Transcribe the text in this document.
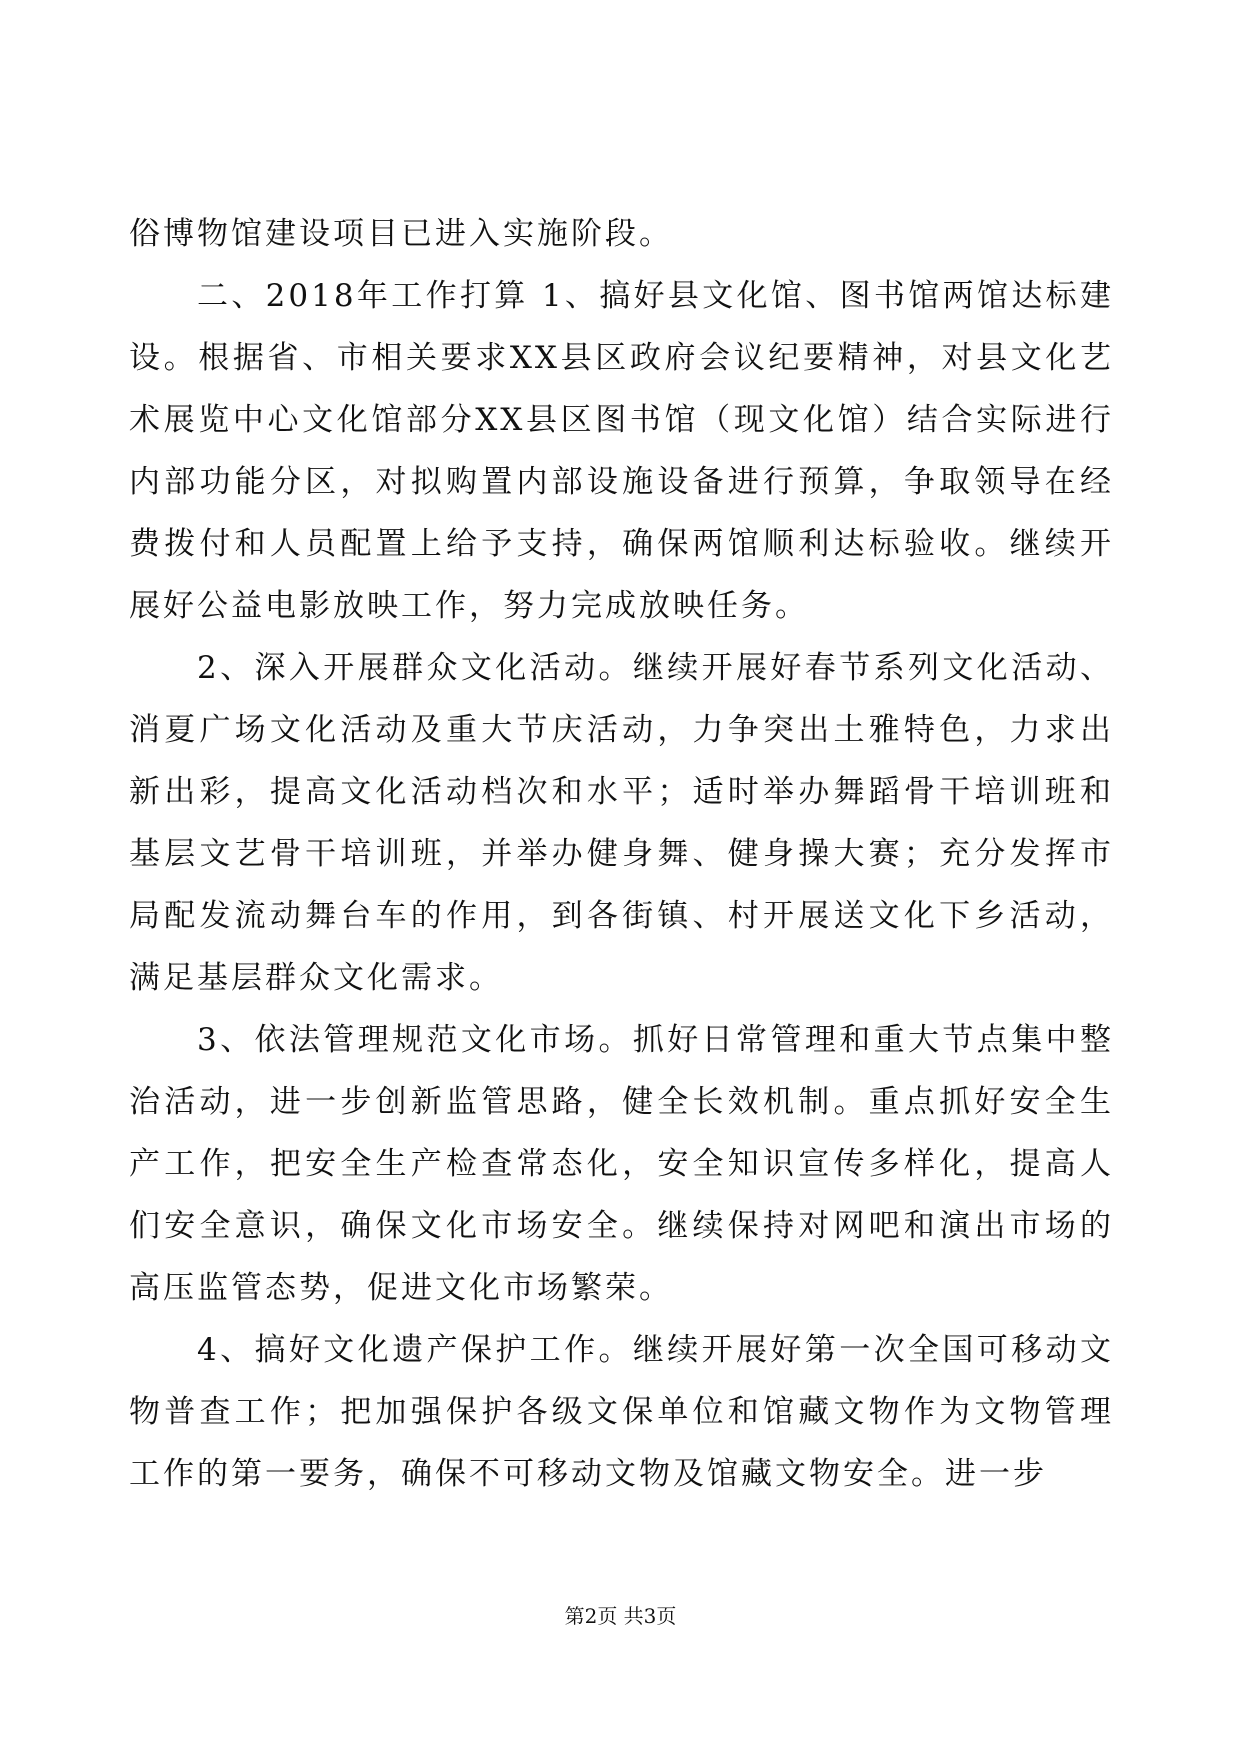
俗博物馆建设项目已进入实施阶段。

二、2018年工作打算 1、搞好县文化馆、图书馆两馆达标建设。根据省、市相关要求XX县区政府会议纪要精神，对县文化艺术展览中心文化馆部分XX县区图书馆（现文化馆）结合实际进行内部功能分区，对拟购置内部设施设备进行预算，争取领导在经费拨付和人员配置上给予支持，确保两馆顺利达标验收。继续开展好公益电影放映工作，努力完成放映任务。

2、深入开展群众文化活动。继续开展好春节系列文化活动、消夏广场文化活动及重大节庆活动，力争突出土雅特色，力求出新出彩，提高文化活动档次和水平；适时举办舞蹈骨干培训班和基层文艺骨干培训班，并举办健身舞、健身操大赛；充分发挥市局配发流动舞台车的作用，到各街镇、村开展送文化下乡活动，满足基层群众文化需求。

3、依法管理规范文化市场。抓好日常管理和重大节点集中整治活动，进一步创新监管思路，健全长效机制。重点抓好安全生产工作，把安全生产检查常态化，安全知识宣传多样化，提高人们安全意识，确保文化市场安全。继续保持对网吧和演出市场的高压监管态势，促进文化市场繁荣。

4、搞好文化遗产保护工作。继续开展好第一次全国可移动文物普查工作；把加强保护各级文保单位和馆藏文物作为文物管理工作的第一要务，确保不可移动文物及馆藏文物安全。进一步

第2页 共3页
